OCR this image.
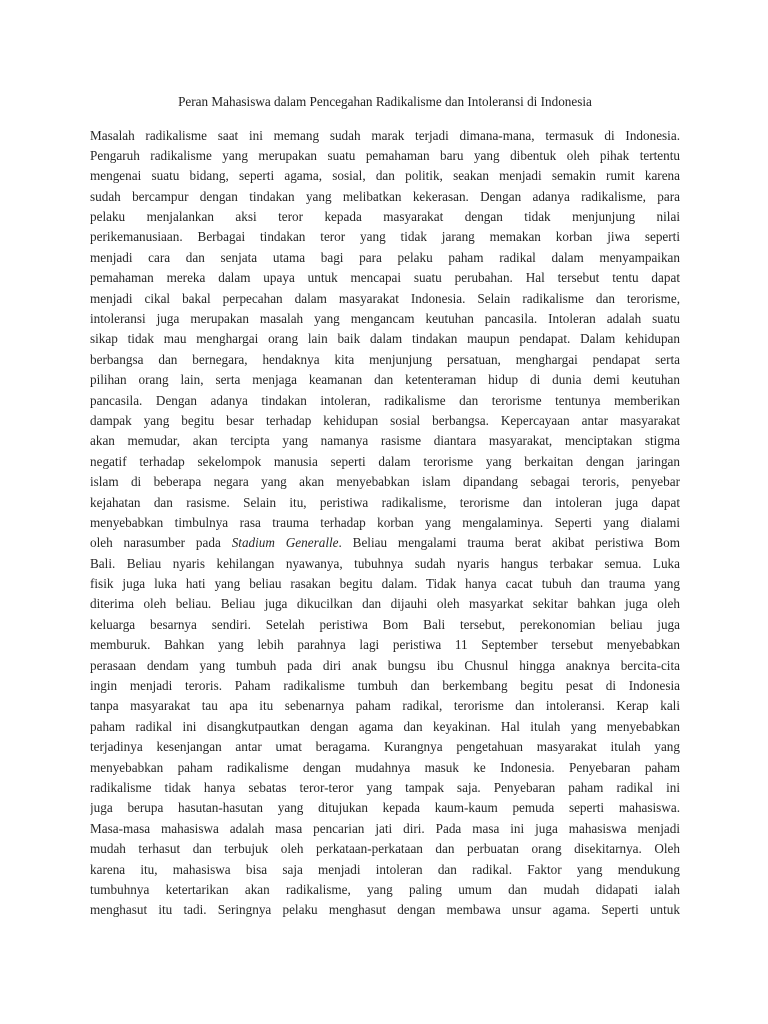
Peran Mahasiswa dalam Pencegahan Radikalisme dan Intoleransi di Indonesia
Masalah radikalisme saat ini memang sudah marak terjadi dimana-mana, termasuk di Indonesia.
Pengaruh radikalisme yang merupakan suatu pemahaman baru yang dibentuk oleh pihak tertentu
mengenai suatu bidang, seperti agama, sosial, dan politik, seakan menjadi semakin rumit karena
sudah bercampur dengan tindakan yang melibatkan kekerasan. Dengan adanya radikalisme, para
pelaku menjalankan aksi teror kepada masyarakat dengan tidak menjunjung nilai
perikemanusiaan. Berbagai tindakan teror yang tidak jarang memakan korban jiwa seperti
menjadi cara dan senjata utama bagi para pelaku paham radikal dalam menyampaikan
pemahaman mereka dalam upaya untuk mencapai suatu perubahan. Hal tersebut tentu dapat
menjadi cikal bakal perpecahan dalam masyarakat Indonesia. Selain radikalisme dan terorisme,
intoleransi juga merupakan masalah yang mengancam keutuhan pancasila. Intoleran adalah suatu
sikap tidak mau menghargai orang lain baik dalam tindakan maupun pendapat. Dalam kehidupan
berbangsa dan bernegara, hendaknya kita menjunjung persatuan, menghargai pendapat serta
pilihan orang lain, serta menjaga keamanan dan ketenteraman hidup di dunia demi keutuhan
pancasila. Dengan adanya tindakan intoleran, radikalisme dan terorisme tentunya memberikan
dampak yang begitu besar terhadap kehidupan sosial berbangsa. Kepercayaan antar masyarakat
akan memudar, akan tercipta yang namanya rasisme diantara masyarakat, menciptakan stigma
negatif terhadap sekelompok manusia seperti dalam terorisme yang berkaitan dengan jaringan
islam di beberapa negara yang akan menyebabkan islam dipandang sebagai teroris, penyebar
kejahatan dan rasisme. Selain itu, peristiwa radikalisme, terorisme dan intoleran juga dapat
menyebabkan timbulnya rasa trauma terhadap korban yang mengalaminya. Seperti yang dialami
oleh narasumber pada Stadium Generalle. Beliau mengalami trauma berat akibat peristiwa Bom
Bali. Beliau nyaris kehilangan nyawanya, tubuhnya sudah nyaris hangus terbakar semua. Luka
fisik juga luka hati yang beliau rasakan begitu dalam. Tidak hanya cacat tubuh dan trauma yang
diterima oleh beliau. Beliau juga dikucilkan dan dijauhi oleh masyarkat sekitar bahkan juga oleh
keluarga besarnya sendiri. Setelah peristiwa Bom Bali tersebut, perekonomian beliau juga
memburuk. Bahkan yang lebih parahnya lagi peristiwa 11 September tersebut menyebabkan
perasaan dendam yang tumbuh pada diri anak bungsu ibu Chusnul hingga anaknya bercita-cita
ingin menjadi teroris. Paham radikalisme tumbuh dan berkembang begitu pesat di Indonesia
tanpa masyarakat tau apa itu sebenarnya paham radikal, terorisme dan intoleransi. Kerap kali
paham radikal ini disangkutpautkan dengan agama dan keyakinan. Hal itulah yang menyebabkan
terjadinya kesenjangan antar umat beragama. Kurangnya pengetahuan masyarakat itulah yang
menyebabkan paham radikalisme dengan mudahnya masuk ke Indonesia. Penyebaran paham
radikalisme tidak hanya sebatas teror-teror yang tampak saja. Penyebaran paham radikal ini
juga berupa hasutan-hasutan yang ditujukan kepada kaum-kaum pemuda seperti mahasiswa.
Masa-masa mahasiswa adalah masa pencarian jati diri. Pada masa ini juga mahasiswa menjadi
mudah terhasut dan terbujuk oleh perkataan-perkataan dan perbuatan orang disekitarnya. Oleh
karena itu, mahasiswa bisa saja menjadi intoleran dan radikal. Faktor yang mendukung
tumbuhnya ketertarikan akan radikalisme, yang paling umum dan mudah didapati ialah
menghasut itu tadi. Seringnya pelaku menghasut dengan membawa unsur agama. Seperti untuk
